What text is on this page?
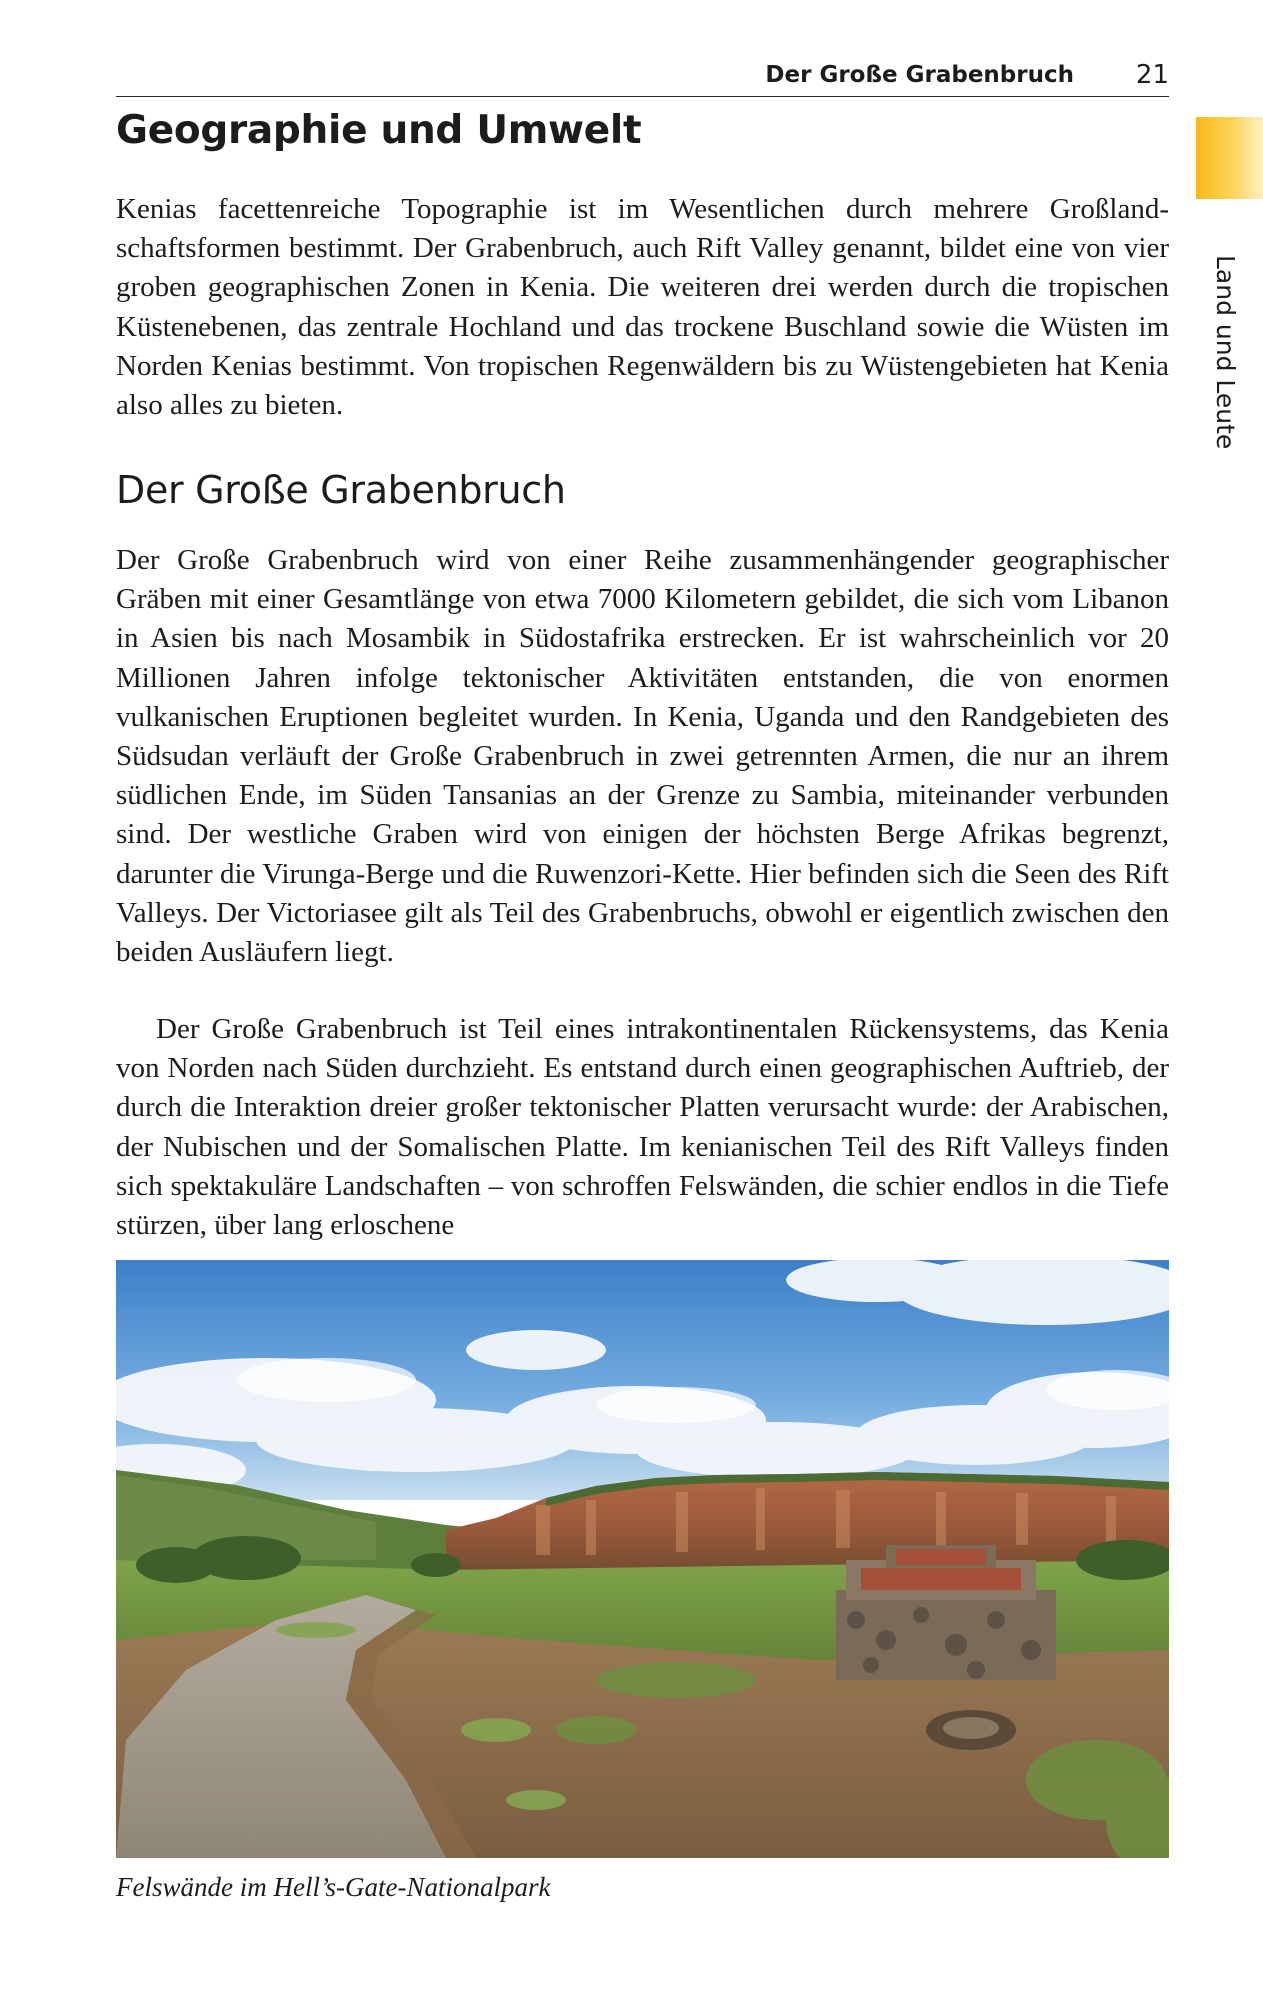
Der Große Grabenbruch 21
Land und Leute
Geographie und Umwelt

Kenias facettenreiche Topographie ist im Wesentlichen durch mehrere Großlandschaftsformen bestimmt. Der Grabenbruch, auch Rift Valley genannt, bildet eine von vier groben geographischen Zonen in Kenia. Die weiteren drei werden durch die tropischen Küstenebenen, das zentrale Hochland und das trockene Buschland sowie die Wüsten im Norden Kenias bestimmt. Von tropischen Regenwäldern bis zu Wüstengebieten hat Kenia also alles zu bieten.

Der Große Grabenbruch

Der Große Grabenbruch wird von einer Reihe zusammenhängender geographischer Gräben mit einer Gesamtlänge von etwa 7000 Kilometern gebildet, die sich vom Libanon in Asien bis nach Mosambik in Südostafrika erstrecken. Er ist wahrscheinlich vor 20 Millionen Jahren infolge tektonischer Aktivitäten entstanden, die von enormen vulkanischen Eruptionen begleitet wurden. In Kenia, Uganda und den Randgebieten des Südsudan verläuft der Große Grabenbruch in zwei getrennten Armen, die nur an ihrem südlichen Ende, im Süden Tansanias an der Grenze zu Sambia, miteinander verbunden sind. Der westliche Graben wird von einigen der höchsten Berge Afrikas begrenzt, darunter die Virunga-Berge und die Ruwenzori-Kette. Hier befinden sich die Seen des Rift Valleys. Der Victoriasee gilt als Teil des Grabenbruchs, obwohl er eigentlich zwischen den beiden Ausläufern liegt.

Der Große Grabenbruch ist Teil eines intrakontinentalen Rückensystems, das Kenia von Norden nach Süden durchzieht. Es entstand durch einen geographischen Auftrieb, der durch die Interaktion dreier großer tektonischer Platten verursacht wurde: der Arabischen, der Nubischen und der Somalischen Platte. Im kenianischen Teil des Rift Valleys finden sich spektakuläre Landschaften – von schroffen Felswänden, die schier endlos in die Tiefe stürzen, über lang erloschene

Felswände im Hell’s-Gate-Nationalpark
